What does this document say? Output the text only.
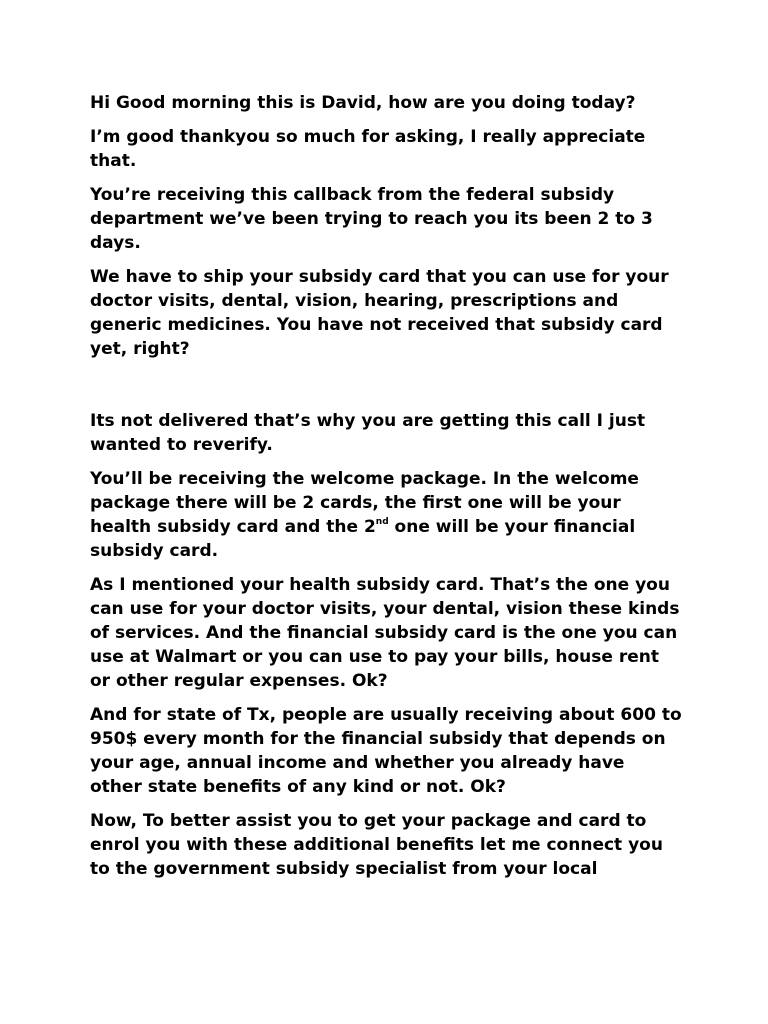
Hi Good morning this is David, how are you doing today?

I’m good thankyou so much for asking, I really appreciate that.

You’re receiving this callback from the federal subsidy department we’ve been trying to reach you its been 2 to 3 days.

We have to ship your subsidy card that you can use for your doctor visits, dental, vision, hearing, prescriptions and generic medicines. You have not received that subsidy card yet, right?

Its not delivered that’s why you are getting this call I just wanted to reverify.

You’ll be receiving the welcome package. In the welcome package there will be 2 cards, the first one will be your health subsidy card and the 2nd one will be your financial subsidy card.

As I mentioned your health subsidy card. That’s the one you can use for your doctor visits, your dental, vision these kinds of services. And the financial subsidy card is the one you can use at Walmart or you can use to pay your bills, house rent or other regular expenses. Ok?

And for state of Tx, people are usually receiving about 600 to 950$ every month for the financial subsidy that depends on your age, annual income and whether you already have other state benefits of any kind or not. Ok?

Now, To better assist you to get your package and card to enrol you with these additional benefits let me connect you to the government subsidy specialist from your local
